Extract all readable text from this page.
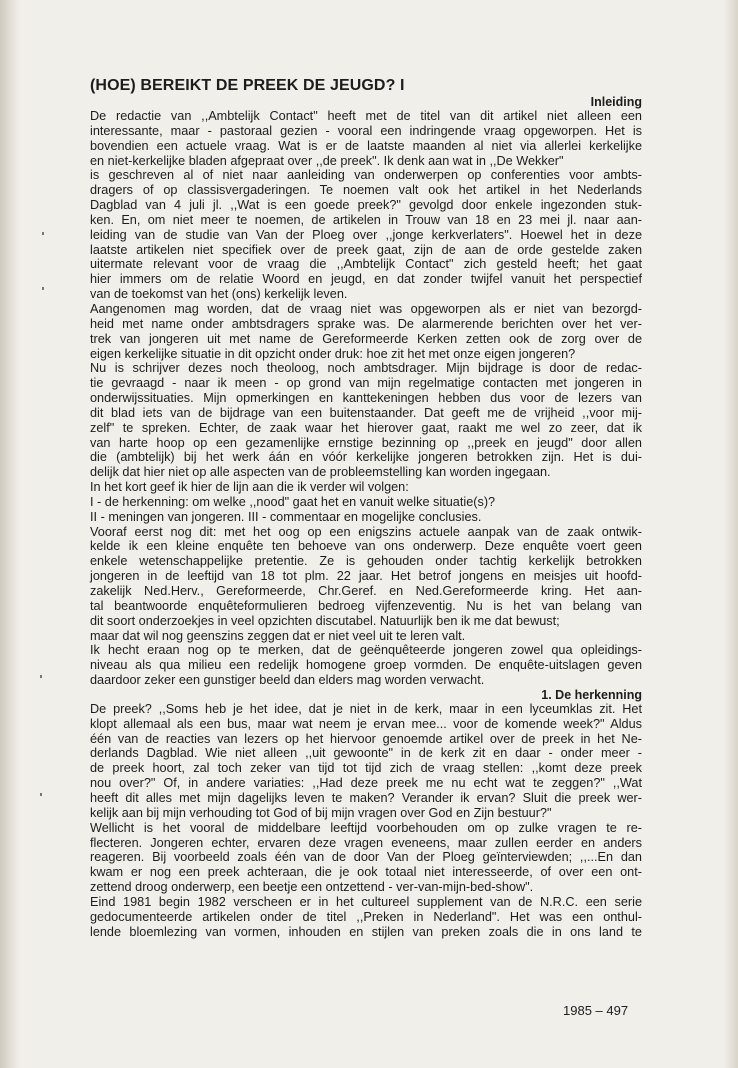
(HOE) BEREIKT DE PREEK DE JEUGD? I

Inleiding

De redactie van ,,Ambtelijk Contact" heeft met de titel van dit artikel niet alleen een
interessante, maar - pastoraal gezien - vooral een indringende vraag opgeworpen. Het is
bovendien een actuele vraag. Wat is er de laatste maanden al niet via allerlei kerkelijke
en niet-kerkelijke bladen afgepraat over ,,de preek". Ik denk aan wat in ,,De Wekker"
is geschreven al of niet naar aanleiding van onderwerpen op conferenties voor ambts-
dragers of op classisvergaderingen. Te noemen valt ook het artikel in het Nederlands
Dagblad van 4 juli jl. ,,Wat is een goede preek?" gevolgd door enkele ingezonden stuk-
ken. En, om niet meer te noemen, de artikelen in Trouw van 18 en 23 mei jl. naar aan-
leiding van de studie van Van der Ploeg over ,,jonge kerkverlaters". Hoewel het in deze
laatste artikelen niet specifiek over de preek gaat, zijn de aan de orde gestelde zaken
uitermate relevant voor de vraag die ,,Ambtelijk Contact" zich gesteld heeft; het gaat
hier immers om de relatie Woord en jeugd, en dat zonder twijfel vanuit het perspectief
van de toekomst van het (ons) kerkelijk leven.

Aangenomen mag worden, dat de vraag niet was opgeworpen als er niet van bezorgd-
heid met name onder ambtsdragers sprake was. De alarmerende berichten over het ver-
trek van jongeren uit met name de Gereformeerde Kerken zetten ook de zorg over de
eigen kerkelijke situatie in dit opzicht onder druk: hoe zit het met onze eigen jongeren?
Nu is schrijver dezes noch theoloog, noch ambtsdrager. Mijn bijdrage is door de redac-
tie gevraagd - naar ik meen - op grond van mijn regelmatige contacten met jongeren in
onderwijssituaties. Mijn opmerkingen en kanttekeningen hebben dus voor de lezers van
dit blad iets van de bijdrage van een buitenstaander. Dat geeft me de vrijheid ,,voor mij-
zelf" te spreken. Echter, de zaak waar het hierover gaat, raakt me wel zo zeer, dat ik
van harte hoop op een gezamenlijke ernstige bezinning op ,,preek en jeugd" door allen
die (ambtelijk) bij het werk áán en vóór kerkelijke jongeren betrokken zijn. Het is dui-
delijk dat hier niet op alle aspecten van de probleemstelling kan worden ingegaan.
In het kort geef ik hier de lijn aan die ik verder wil volgen:
I - de herkenning: om welke ,,nood" gaat het en vanuit welke situatie(s)?
II - meningen van jongeren. III - commentaar en mogelijke conclusies.

Vooraf eerst nog dit: met het oog op een enigszins actuele aanpak van de zaak ontwik-
kelde ik een kleine enquête ten behoeve van ons onderwerp. Deze enquête voert geen
enkele wetenschappelijke pretentie. Ze is gehouden onder tachtig kerkelijk betrokken
jongeren in de leeftijd van 18 tot plm. 22 jaar. Het betrof jongens en meisjes uit hoofd-
zakelijk Ned.Herv., Gereformeerde, Chr.Geref. en Ned.Gereformeerde kring. Het aan-
tal beantwoorde enquêteformulieren bedroeg vijfenzeventig. Nu is het van belang van
dit soort onderzoekjes in veel opzichten discutabel. Natuurlijk ben ik me dat bewust;
maar dat wil nog geenszins zeggen dat er niet veel uit te leren valt.
Ik hecht eraan nog op te merken, dat de geënquêteerde jongeren zowel qua opleidings-
niveau als qua milieu een redelijk homogene groep vormden. De enquête-uitslagen geven
daardoor zeker een gunstiger beeld dan elders mag worden verwacht.

1. De herkenning

De preek? ,,Soms heb je het idee, dat je niet in de kerk, maar in een lyceumklas zit. Het
klopt allemaal als een bus, maar wat neem je ervan mee... voor de komende week?" Aldus
één van de reacties van lezers op het hiervoor genoemde artikel over de preek in het Ne-
derlands Dagblad. Wie niet alleen ,,uit gewoonte" in de kerk zit en daar - onder meer -
de preek hoort, zal toch zeker van tijd tot tijd zich de vraag stellen: ,,komt deze preek
nou over?" Of, in andere variaties: ,,Had deze preek me nu echt wat te zeggen?" ,,Wat
heeft dit alles met mijn dagelijks leven te maken? Verander ik ervan? Sluit die preek wer-
kelijk aan bij mijn verhouding tot God of bij mijn vragen over God en Zijn bestuur?"
Wellicht is het vooral de middelbare leeftijd voorbehouden om op zulke vragen te re-
flecteren. Jongeren echter, ervaren deze vragen eveneens, maar zullen eerder en anders
reageren. Bij voorbeeld zoals één van de door Van der Ploeg geïnterviewden; ,,...En dan
kwam er nog een preek achteraan, die je ook totaal niet interesseerde, of over een ont-
zettend droog onderwerp, een beetje een ontzettend - ver-van-mijn-bed-show".
Eind 1981 begin 1982 verscheen er in het cultureel supplement van de N.R.C. een serie
gedocumenteerde artikelen onder de titel ,,Preken in Nederland". Het was een onthul-
lende bloemlezing van vormen, inhouden en stijlen van preken zoals die in ons land te

1985 – 497
